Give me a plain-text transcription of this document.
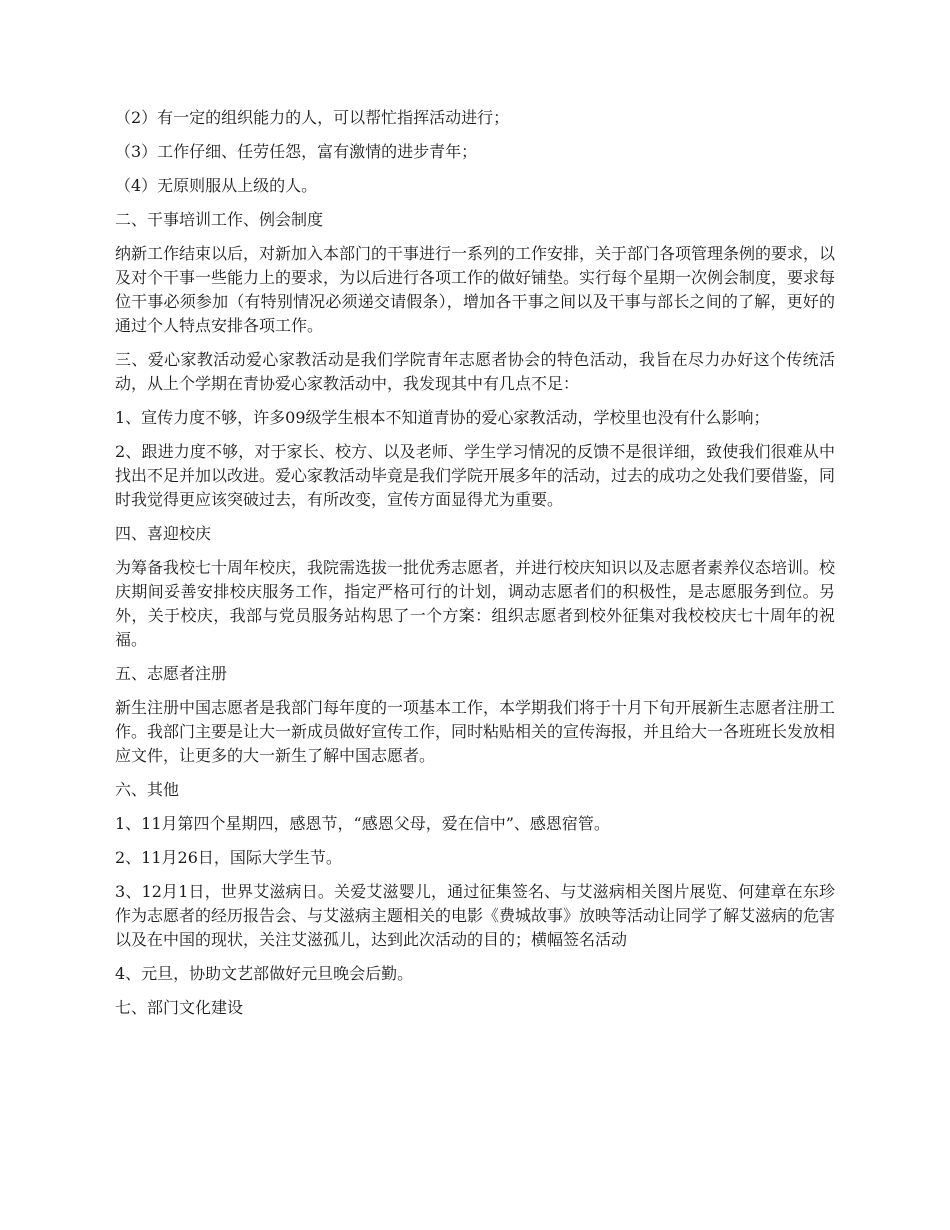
（2）有一定的组织能力的人，可以帮忙指挥活动进行；

（3）工作仔细、任劳任怨，富有激情的进步青年；

（4）无原则服从上级的人。

二、干事培训工作、例会制度

纳新工作结束以后，对新加入本部门的干事进行一系列的工作安排，关于部门各项管理条例的要求，以及对个干事一些能力上的要求，为以后进行各项工作的做好铺垫。实行每个星期一次例会制度，要求每位干事必须参加（有特别情况必须递交请假条），增加各干事之间以及干事与部长之间的了解，更好的通过个人特点安排各项工作。

三、爱心家教活动爱心家教活动是我们学院青年志愿者协会的特色活动，我旨在尽力办好这个传统活动，从上个学期在青协爱心家教活动中，我发现其中有几点不足：

1、宣传力度不够，许多09级学生根本不知道青协的爱心家教活动，学校里也没有什么影响；

2、跟进力度不够，对于家长、校方、以及老师、学生学习情况的反馈不是很详细，致使我们很难从中找出不足并加以改进。爱心家教活动毕竟是我们学院开展多年的活动，过去的成功之处我们要借鉴，同时我觉得更应该突破过去，有所改变，宣传方面显得尤为重要。

四、喜迎校庆

为筹备我校七十周年校庆，我院需选拔一批优秀志愿者，并进行校庆知识以及志愿者素养仪态培训。校庆期间妥善安排校庆服务工作，指定严格可行的计划，调动志愿者们的积极性，是志愿服务到位。另外，关于校庆，我部与党员服务站构思了一个方案：组织志愿者到校外征集对我校校庆七十周年的祝福。

五、志愿者注册

新生注册中国志愿者是我部门每年度的一项基本工作，本学期我们将于十月下旬开展新生志愿者注册工作。我部门主要是让大一新成员做好宣传工作，同时粘贴相关的宣传海报，并且给大一各班班长发放相应文件，让更多的大一新生了解中国志愿者。

六、其他

1、11月第四个星期四，感恩节，“感恩父母，爱在信中”、感恩宿管。

2、11月26日，国际大学生节。

3、12月1日，世界艾滋病日。关爱艾滋婴儿，通过征集签名、与艾滋病相关图片展览、何建章在东珍作为志愿者的经历报告会、与艾滋病主题相关的电影《费城故事》放映等活动让同学了解艾滋病的危害以及在中国的现状，关注艾滋孤儿，达到此次活动的目的；横幅签名活动

4、元旦，协助文艺部做好元旦晚会后勤。

七、部门文化建设
